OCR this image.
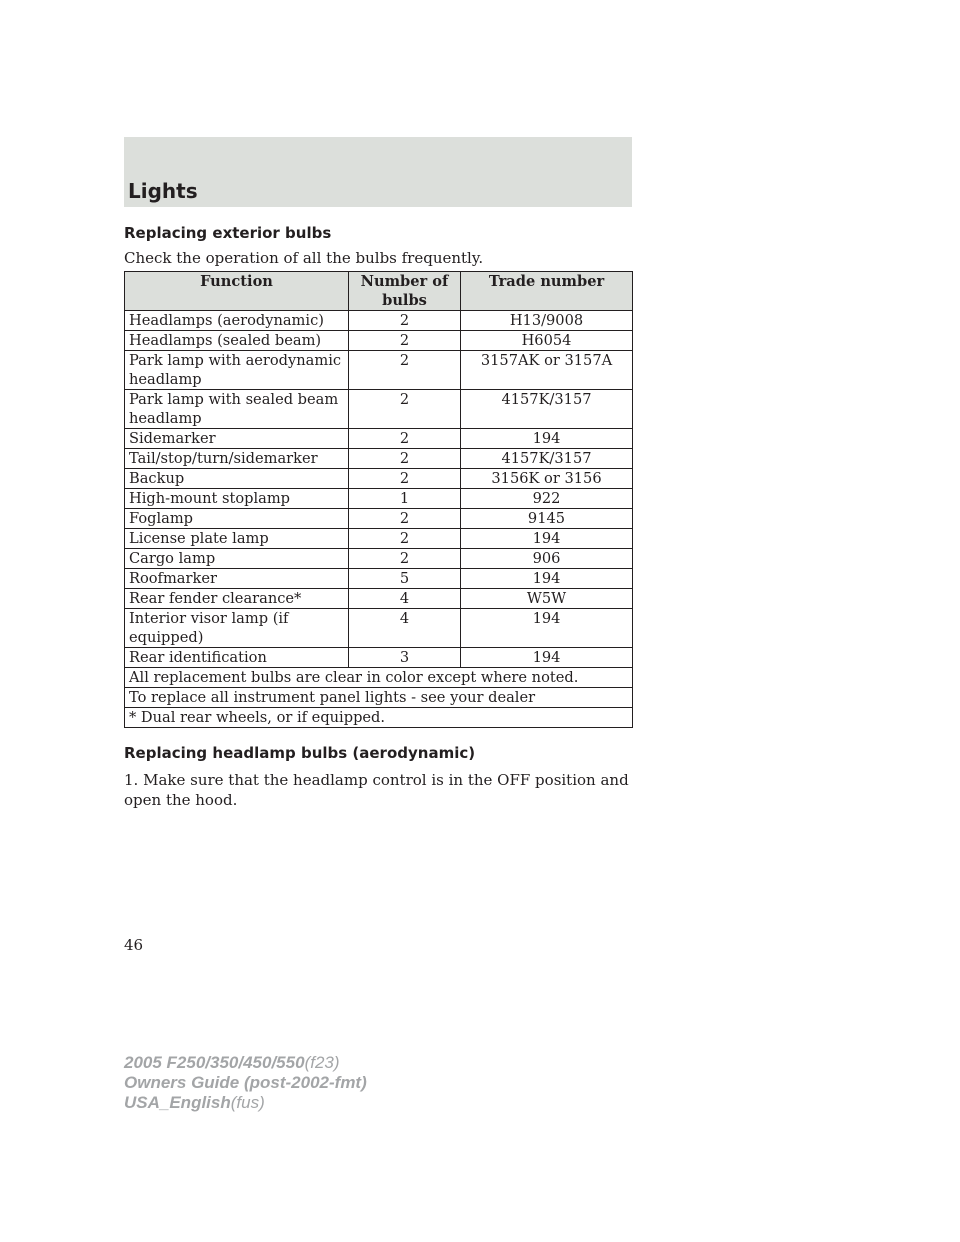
Lights
Replacing exterior bulbs
Check the operation of all the bulbs frequently.
Function	Number of bulbs	Trade number
Headlamps (aerodynamic)	2	H13/9008
Headlamps (sealed beam)	2	H6054
Park lamp with aerodynamic headlamp	2	3157AK or 3157A
Park lamp with sealed beam headlamp	2	4157K/3157
Sidemarker	2	194
Tail/stop/turn/sidemarker	2	4157K/3157
Backup	2	3156K or 3156
High-mount stoplamp	1	922
Foglamp	2	9145
License plate lamp	2	194
Cargo lamp	2	906
Roofmarker	5	194
Rear fender clearance*	4	W5W
Interior visor lamp (if equipped)	4	194
Rear identification	3	194
All replacement bulbs are clear in color except where noted.		
To replace all instrument panel lights - see your dealer		
* Dual rear wheels, or if equipped.		
Replacing headlamp bulbs (aerodynamic)
1. Make sure that the headlamp control is in the OFF position and open the hood.
46
2005 F250/350/450/550(f23)
Owners Guide (post-2002-fmt)
USA_English(fus)
